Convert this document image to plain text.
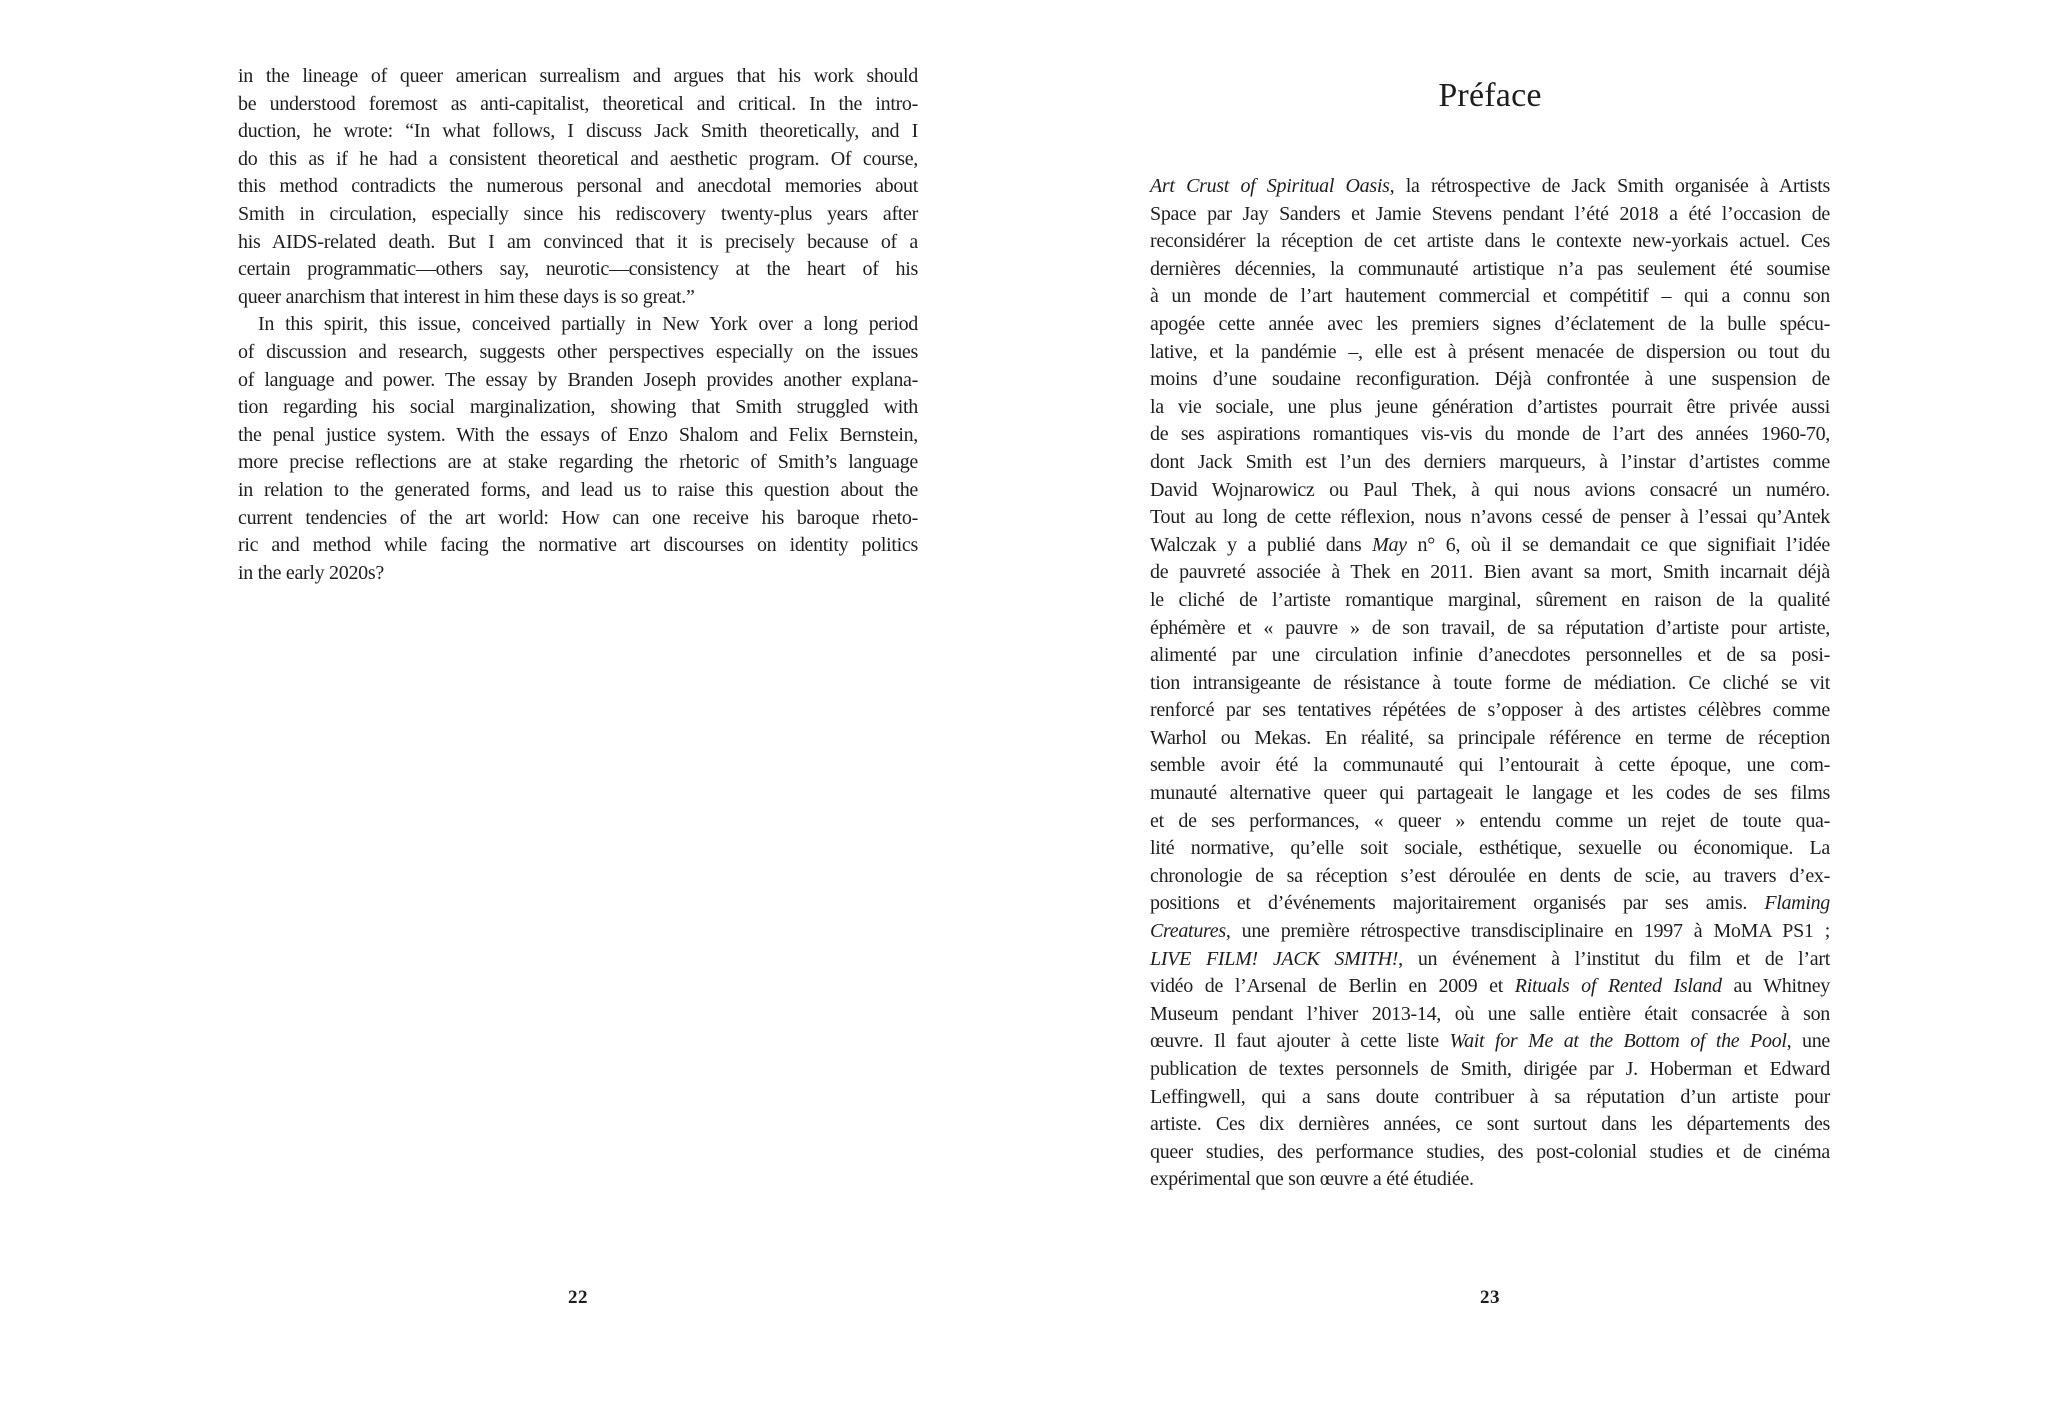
Préface
in the lineage of queer american surrealism and argues that his work should
be understood foremost as anti-capitalist, theoretical and critical. In the intro-
duction, he wrote: “In what follows, I discuss Jack Smith theoretically, and I
do this as if he had a consistent theoretical and aesthetic program. Of course,
this method contradicts the numerous personal and anecdotal memories about
Smith in circulation, especially since his rediscovery twenty-plus years after
his AIDS-related death. But I am convinced that it is precisely because of a
certain programmatic—others say, neurotic—consistency at the heart of his
queer anarchism that interest in him these days is so great.”
In this spirit, this issue, conceived partially in New York over a long period
of discussion and research, suggests other perspectives especially on the issues
of language and power. The essay by Branden Joseph provides another explana-
tion regarding his social marginalization, showing that Smith struggled with
the penal justice system. With the essays of Enzo Shalom and Felix Bernstein,
more precise reflections are at stake regarding the rhetoric of Smith’s language
in relation to the generated forms, and lead us to raise this question about the
current tendencies of the art world: How can one receive his baroque rheto-
ric and method while facing the normative art discourses on identity politics
in the early 2020s?
Art Crust of Spiritual Oasis, la rétrospective de Jack Smith organisée à Artists
Space par Jay Sanders et Jamie Stevens pendant l’été 2018 a été l’occasion de
reconsidérer la réception de cet artiste dans le contexte new-yorkais actuel. Ces
dernières décennies, la communauté artistique n’a pas seulement été soumise
à un monde de l’art hautement commercial et compétitif – qui a connu son
apogée cette année avec les premiers signes d’éclatement de la bulle spécu-
lative, et la pandémie –, elle est à présent menacée de dispersion ou tout du
moins d’une soudaine reconfiguration. Déjà confrontée à une suspension de
la vie sociale, une plus jeune génération d’artistes pourrait être privée aussi
de ses aspirations romantiques vis-vis du monde de l’art des années 1960-70,
dont Jack Smith est l’un des derniers marqueurs, à l’instar d’artistes comme
David Wojnarowicz ou Paul Thek, à qui nous avions consacré un numéro.
Tout au long de cette réflexion, nous n’avons cessé de penser à l’essai qu’Antek
Walczak y a publié dans May n° 6, où il se demandait ce que signifiait l’idée
de pauvreté associée à Thek en 2011. Bien avant sa mort, Smith incarnait déjà
le cliché de l’artiste romantique marginal, sûrement en raison de la qualité
éphémère et « pauvre » de son travail, de sa réputation d’artiste pour artiste,
alimenté par une circulation infinie d’anecdotes personnelles et de sa posi-
tion intransigeante de résistance à toute forme de médiation. Ce cliché se vit
renforcé par ses tentatives répétées de s’opposer à des artistes célèbres comme
Warhol ou Mekas. En réalité, sa principale référence en terme de réception
semble avoir été la communauté qui l’entourait à cette époque, une com-
munauté alternative queer qui partageait le langage et les codes de ses films
et de ses performances, « queer » entendu comme un rejet de toute qua-
lité normative, qu’elle soit sociale, esthétique, sexuelle ou économique. La
chronologie de sa réception s’est déroulée en dents de scie, au travers d’ex-
positions et d’événements majoritairement organisés par ses amis. Flaming
Creatures, une première rétrospective transdisciplinaire en 1997 à MoMA PS1 ;
LIVE FILM! JACK SMITH!, un événement à l’institut du film et de l’art
vidéo de l’Arsenal de Berlin en 2009 et Rituals of Rented Island au Whitney
Museum pendant l’hiver 2013-14, où une salle entière était consacrée à son
œuvre. Il faut ajouter à cette liste Wait for Me at the Bottom of the Pool, une
publication de textes personnels de Smith, dirigée par J. Hoberman et Edward
Leffingwell, qui a sans doute contribuer à sa réputation d’un artiste pour
artiste. Ces dix dernières années, ce sont surtout dans les départements des
queer studies, des performance studies, des post-colonial studies et de cinéma
expérimental que son œuvre a été étudiée.
22	23
